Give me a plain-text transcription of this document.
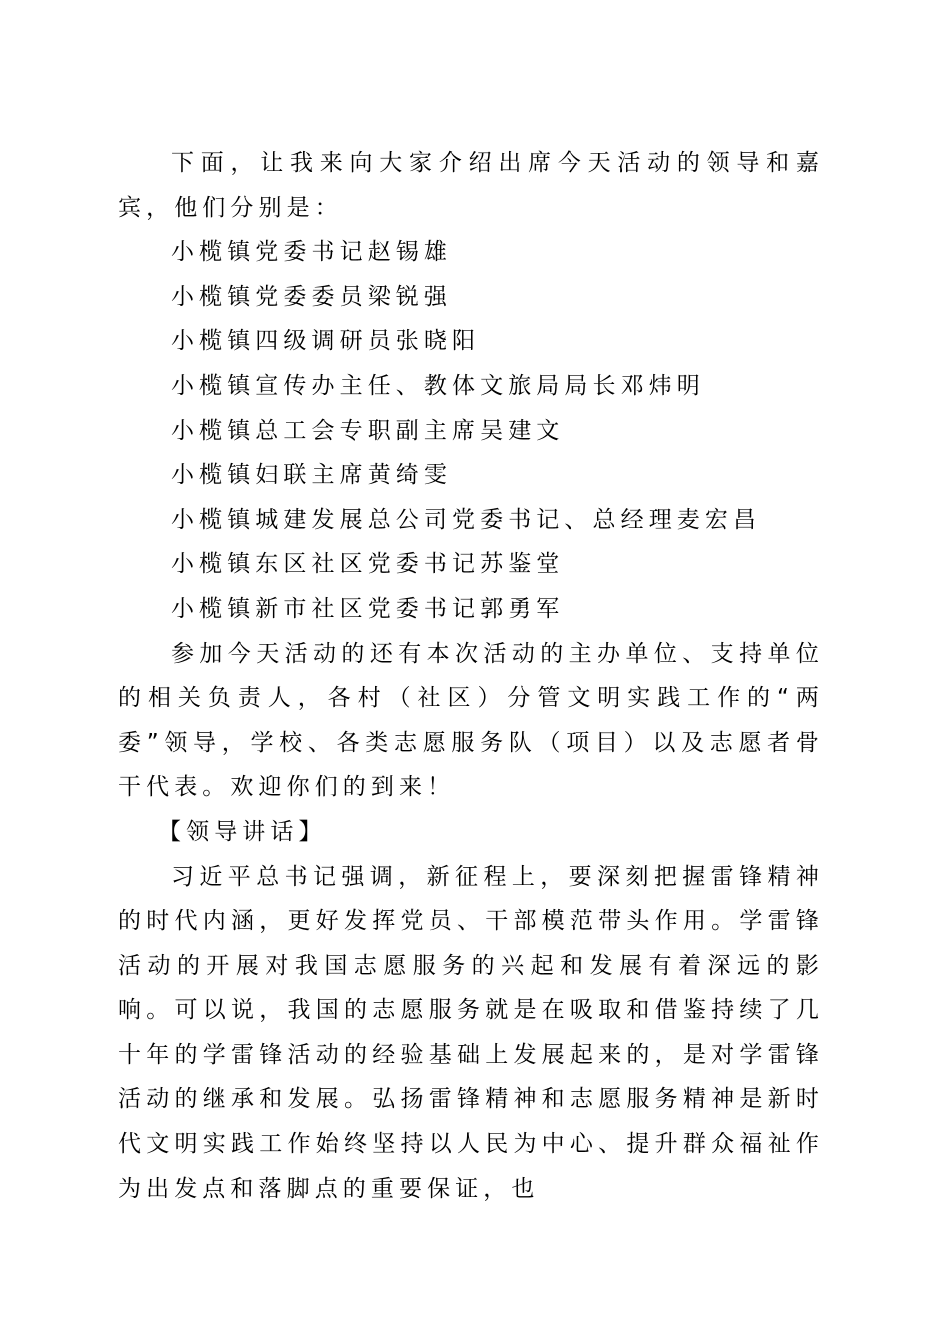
下面，让我来向大家介绍出席今天活动的领导和嘉宾，他们分别是：

小榄镇党委书记赵锡雄

小榄镇党委委员梁锐强

小榄镇四级调研员张晓阳

小榄镇宣传办主任、教体文旅局局长邓炜明

小榄镇总工会专职副主席吴建文

小榄镇妇联主席黄绮雯

小榄镇城建发展总公司党委书记、总经理麦宏昌

小榄镇东区社区党委书记苏鉴堂

小榄镇新市社区党委书记郭勇军

参加今天活动的还有本次活动的主办单位、支持单位的相关负责人，各村（社区）分管文明实践工作的“两委”领导，学校、各类志愿服务队（项目）以及志愿者骨干代表。欢迎你们的到来！

【领导讲话】

习近平总书记强调，新征程上，要深刻把握雷锋精神的时代内涵，更好发挥党员、干部模范带头作用。学雷锋活动的开展对我国志愿服务的兴起和发展有着深远的影响。可以说，我国的志愿服务就是在吸取和借鉴持续了几十年的学雷锋活动的经验基础上发展起来的，是对学雷锋活动的继承和发展。弘扬雷锋精神和志愿服务精神是新时代文明实践工作始终坚持以人民为中心、提升群众福祉作为出发点和落脚点的重要保证，也
